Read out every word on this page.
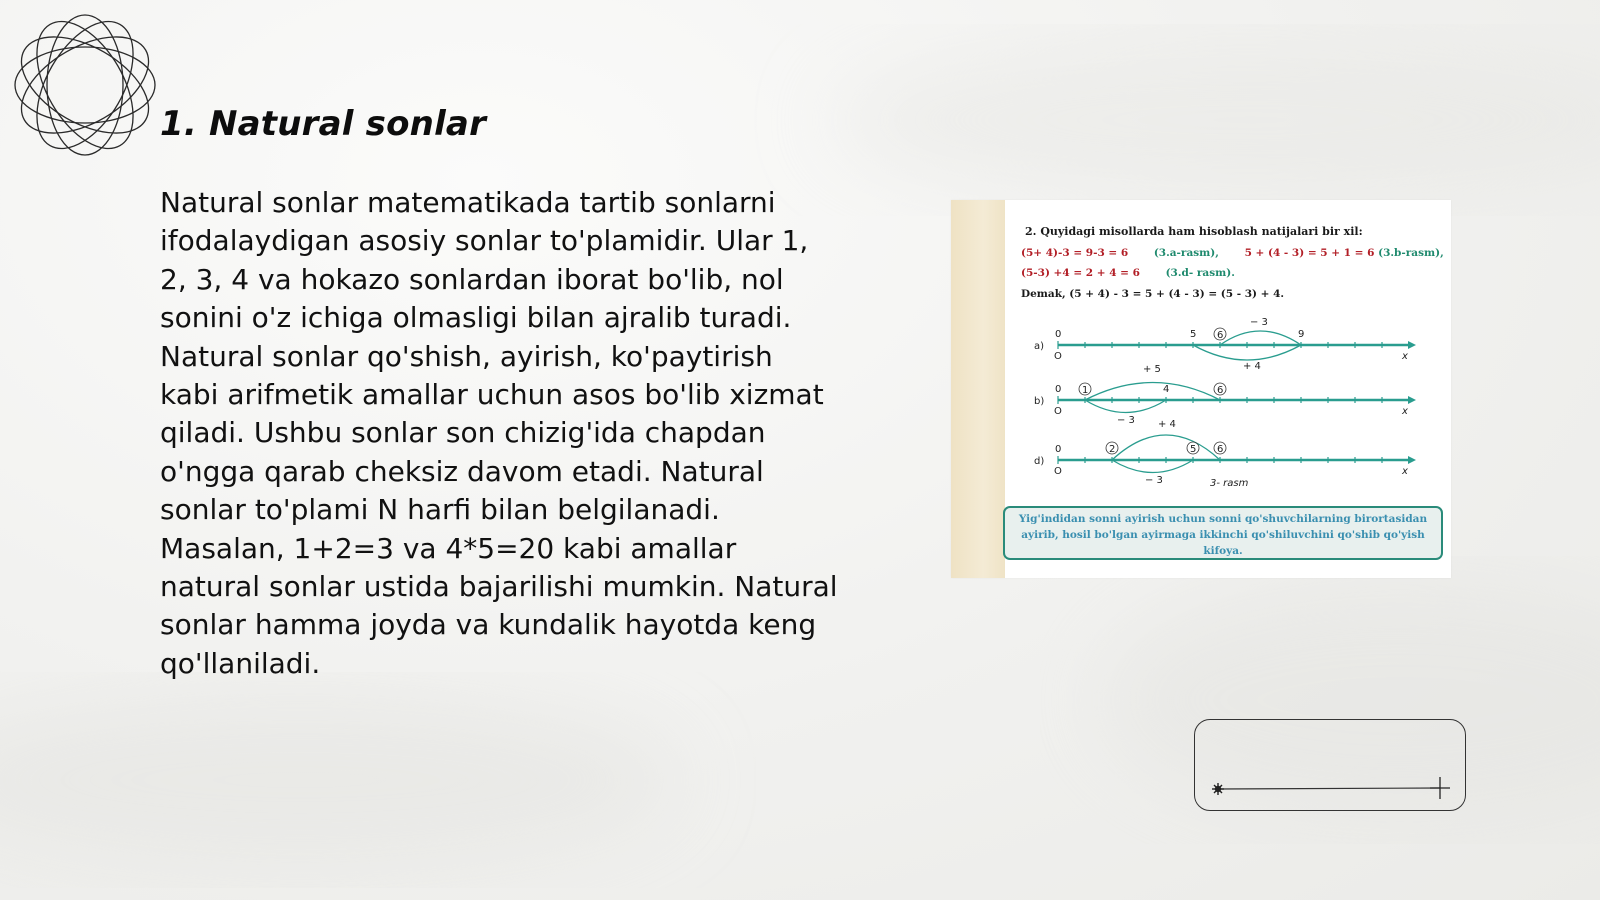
1. Natural sonlar

Natural sonlar matematikada tartib sonlarni ifodalaydigan asosiy sonlar to'plamidir. Ular 1, 2, 3, 4 va hokazo sonlardan iborat bo'lib, nol sonini o'z ichiga olmasligi bilan ajralib turadi. Natural sonlar qo'shish, ayirish, ko'paytirish kabi arifmetik amallar uchun asos bo'lib xizmat qiladi. Ushbu sonlar son chizig'ida chapdan o'ngga qarab cheksiz davom etadi. Natural sonlar to'plami N harfi bilan belgilanadi. Masalan, 1+2=3 va 4*5=20 kabi amallar natural sonlar ustida bajarilishi mumkin. Natural sonlar hamma joyda va kundalik hayotda keng qo'llaniladi.

2. Quyidagi misollarda ham hisoblash natijalari bir xil:
(5+ 4)-3 = 9-3 = 6 (3.a-rasm), 5 + (4 - 3) = 5 + 1 = 6 (3.b-rasm),
(5-3) +4 = 2 + 4 = 6 (3.d- rasm).
Demak, (5 + 4) - 3 = 5 + (4 - 3) = (5 - 3) + 4.
a)
0
O
5 6	9
− 3
+ 4
x
b)
0
O
1	4	6
+ 5
− 3
x
d)
0
O
2	5 6
+ 4
− 3
x
3- rasm
Yig'indidan sonni ayirish uchun sonni qo'shuvchilarning birortasidan ayirib, hosil bo'lgan ayirmaga ikkinchi qo'shiluvchini qo'shib qo'yish kifoya.
